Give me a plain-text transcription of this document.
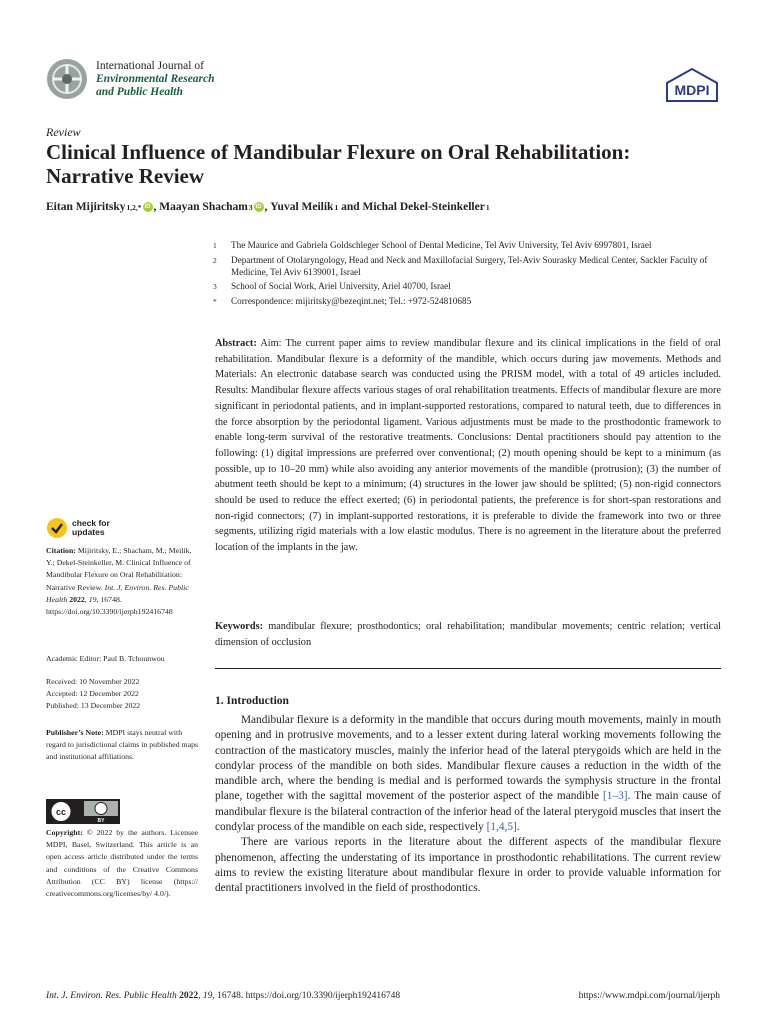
International Journal of
Environmental Research
and Public Health	MDPI
Review
Clinical Influence of Mandibular Flexure on Oral Rehabilitation: Narrative Review
Eitan Mijiritsky 1,2,* iD , Maayan Shacham 3 iD , Yuval Meilik 1 and Michal Dekel-Steinkeller 1
1	The Maurice and Gabriela Goldschleger School of Dental Medicine, Tel Aviv University, Tel Aviv 6997801, Israel
2	Department of Otolaryngology, Head and Neck and Maxillofacial Surgery, Tel-Aviv Sourasky Medical Center, Sackler Faculty of Medicine, Tel Aviv 6139001, Israel
3	School of Social Work, Ariel University, Ariel 40700, Israel
*	Correspondence: mijiritsky@bezeqint.net; Tel.: +972-524810685
Abstract: Aim: The current paper aims to review mandibular flexure and its clinical implications in the field of oral rehabilitation. Mandibular flexure is a deformity of the mandible, which occurs during jaw movements. Methods and Materials: An electronic database search was conducted using the PRISM model, with a total of 49 articles included. Results: Mandibular flexure affects various stages of oral rehabilitation treatments. Effects of mandibular flexure are more significant in periodontal patients, and in implant-supported restorations, compared to natural teeth, due to differences in the force absorption by the periodontal ligament. Various adjustments must be made to the prosthodontic framework to enable long-term survival of the restorative treatments. Conclusions: Dental practitioners should pay attention to the following: (1) digital impressions are preferred over conventional; (2) mouth opening should be kept to a minimum (as possible, up to 10–20 mm) while also avoiding any anterior movements of the mandible (protrusion); (3) the number of abutment teeth should be kept to a minimum; (4) structures in the lower jaw should be splitted; (5) non-rigid connectors should be used to reduce the effect exerted; (6) in periodontal patients, the preference is for short-span restorations and non-rigid connectors; (7) in implant-supported restorations, it is preferable to divide the framework into two or three segments, utilizing rigid materials with a low elastic modulus. There is no agreement in the literature about the preferred location of the implants in the jaw.
Keywords: mandibular flexure; prosthodontics; oral rehabilitation; mandibular movements; centric relation; vertical dimension of occlusion
1. Introduction

Mandibular flexure is a deformity in the mandible that occurs during mouth movements, mainly in mouth opening and in protrusive movements, and to a lesser extent during lateral working movements following the contraction of the masticatory muscles, mainly the inferior head of the lateral pterygoids which are held in the condylar process of the mandible on both sides. Mandibular flexure causes a reduction in the width of the mandible arch, where the bending is medial and is performed towards the symphysis structure in the frontal plane, together with the sagittal movement of the posterior aspect of the mandible [1–3]. The main cause of mandibular flexure is the bilateral contraction of the inferior head of the lateral pterygoid muscles that insert the condylar process of the mandible on each side, respectively [1,4,5].

There are various reports in the literature about the different aspects of the mandibular flexure phenomenon, affecting the understating of its importance in prosthodontic rehabilitations. The current review aims to review the existing literature about mandibular flexure in order to provide valuable information for dental practitioners involved in the field of prosthodontics.

check for
updates
Citation: Mijiritsky, E.; Shacham, M.; Meilik, Y.; Dekel-Steinkeller, M. Clinical Influence of Mandibular Flexure on Oral Rehabilitation: Narrative Review. Int. J. Environ. Res. Public Health 2022, 19, 16748. https://doi.org/10.3390/ijerph192416748
Academic Editor: Paul B. Tchounwou
Received: 10 November 2022
Accepted: 12 December 2022
Published: 13 December 2022
Publisher’s Note: MDPI stays neutral with regard to jurisdictional claims in published maps and institutional affiliations.
cc
BY
Copyright: © 2022 by the authors. Licensee MDPI, Basel, Switzerland. This article is an open access article distributed under the terms and conditions of the Creative Commons Attribution (CC BY) license (https:// creativecommons.org/licenses/by/ 4.0/).
Int. J. Environ. Res. Public Health 2022, 19, 16748. https://doi.org/10.3390/ijerph192416748	https://www.mdpi.com/journal/ijerph
